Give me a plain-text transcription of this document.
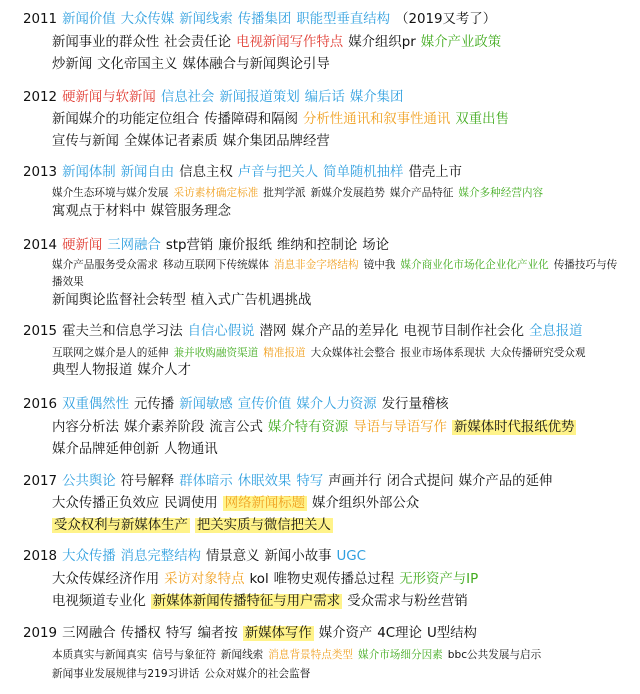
2011 新闻价值 大众传媒 新闻线索 传播集团 职能型垂直结构 （2019又考了）
新闻事业的群众性 社会责任论 电视新闻写作特点 媒介组织pr 媒介产业政策
炒新闻 文化帝国主义 媒体融合与新闻舆论引导
2012 硬新闻与软新闻 信息社会 新闻报道策划 编后话 媒介集团
新闻媒介的功能定位组合 传播障碍和隔阂 分析性通讯和叙事性通讯 双重出售
宣传与新闻 全媒体记者素质 媒介集团品牌经营
2013 新闻体制 新闻自由 信息主权 卢音与把关人 简单随机抽样 借壳上市
媒介生态环境与媒介发展 采访素材确定标准 批判学派 新媒介发展趋势 媒介产品特征 媒介多种经营内容
寓观点于材料中 媒管服务理念
2014 硬新闻 三网融合 stp营销 廉价报纸 维纳和控制论 场论
媒介产品服务受众需求 移动互联网下传统媒体 消息非金字塔结构 镜中我 媒介商业化市场化企业化产业化 传播技巧与传播效果
新闻舆论监督社会转型 植入式广告机遇挑战
2015 霍夫兰和信息学习法 自信心假说 潜网 媒介产品的差异化 电视节目制作社会化 全息报道
互联网之媒介是人的延伸 兼并收购融资渠道 精准报道 大众媒体社会整合 报业市场体系现状 大众传播研究受众观
典型人物报道 媒介人才
2016 双重偶然性 元传播 新闻敏感 宣传价值 媒介人力资源 发行量稽核
内容分析法 媒介素养阶段 流言公式 媒介特有资源 导语与导语写作 新媒体时代报纸优势
媒介品牌延伸创新 人物通讯
2017 公共舆论 符号解释 群体暗示 休眠效果 特写 声画并行 闭合式提问 媒介产品的延伸
大众传播正负效应 民调使用 网络新闻标题 媒介组织外部公众
受众权利与新媒体生产 把关实质与微信把关人
2018 大众传播 消息完整结构 情景意义 新闻小故事 UGC
大众传媒经济作用 采访对象特点 kol 唯物史观传播总过程 无形资产与IP
电视频道专业化 新媒体新闻传播特征与用户需求 受众需求与粉丝营销
2019 三网融合 传播权 特写 编者按 新媒体写作 媒介资产 4C理论 U型结构
本质真实与新闻真实 信号与象征符 新闻线索 消息背景特点类型 媒介市场细分因素 bbc公共发展与启示
新闻事业发展规律与219习讲话 公众对媒介的社会监督
